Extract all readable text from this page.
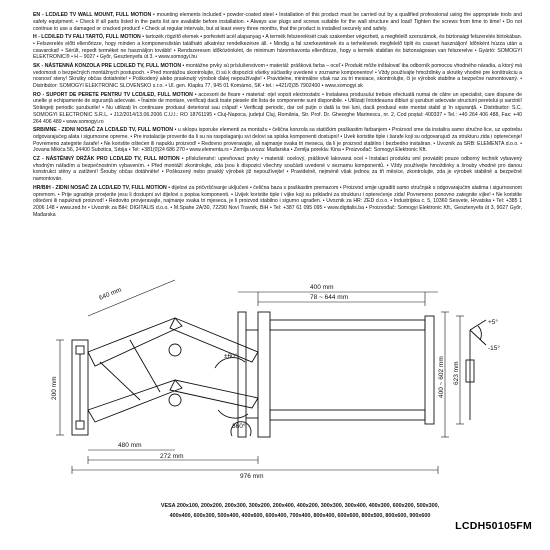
EN - LCD/LED TV WALL MOUNT, FULL MOTION • mounting elements included • powder-coated steel • Installation of this product must be carried out by a qualified professional using the appropriate tools and safety equipment. • Check if all parts listed in the parts list are available before installation. • Always use plugs and screws suitable for the wall structure and load! Tighten the screws from time to time! • Do not continue to use a damaged or cracked product! • Check at regular intervals, but at least every three months, that the product is installed securely and safely.

H - LCD/LED TV FALI TARTÓ, FULL MOTION • tartozék rögzítő elemek • porfestett acél alapanyag • A termék felszerelését csak szakember végezheti, a megfelelő szerszámok, és biztonsági felszerelés birtokában. • Felszerelés előtt ellenőrizze, hogy minden a komponenslistán található alkatrész rendelkezésre áll. • Mindig a fal szerkezetének és a terhelésnek megfelelő tiplit és csavart használjon! Időnként húzza után a csavarokat! • Sérült, repedt terméket ne használjon tovább! • Rendszeresen időközönként, de minimum háromhavonta ellenőrizze, hogy a termék stabilan és biztonságosan van felszerelve • Gyártó: SOMOGYI ELEKTRONIC® • H – 9027 • Győr, Gesztenyefa út 3. • www.somogyi.hu

SK - NÁSTENNÁ KONZOLA PRE LCD/LED TV, FULL MOTION • montážne prvky sú príslušenstvom • materiál: prášková farba – oceľ • Produkt môže inštalovať iba odborník pomocou vhodného náradia, a ktorý má vedomosti o bezpečných montážnych postupoch. • Pred montážou skontrolujte, či sú k dispozícii všetky súčiastky uvedené v zozname komponentov! • Vždy používajte hmoždinky a skrutky vhodné pre konštrukciu a nosnosť steny! Skrutky občas dotiahnite! • Poškodený alebo prasknutý výrobok ďalej nepoužívajte! • Pravidelne, minimálne však raz za tri mesiace, skontrolujte, či je výrobok stabilne a bezpečne namontovaný. • Distribútor: SOMOGYI ELEKTRONIC SLOVENSKO s.r.o. • Ul. gen. Klapku 77, 945 01 Komárno, SK • tel.: +421/0)35 7902400 • www.somogyi.sk

RO - SUPORT DE PERETE PENTRU TV LCD/LED, FULL MOTION • accesorii de fixare • material: oțel vopsit electrostatic • Instalarea produsului trebuie efectuată numai de către un specialist, care dispune de unelte și echipamente de siguranță adecvate. • Înainte de montare, verificați dacă toate piesele din lista de componente sunt disponibile. • Utilizați întotdeauna dibluri și șuruburi adecvate structurii peretelui și sarcinii! Strângeți periodic șuruburile! • Nu utilizați în continuare produsul deteriorat sau crăpat! • Verificați periodic, dar cel puțin o dată la trei luni, dacă produsul este montat stabil și în siguranță. • Distribuitor: S.C. SOMOGYI ELECTRONIC S.R.L. • J12/2014/13.06.2006 C.U.I.: RO 18761195 • Cluj-Napoca, județul Cluj, România, Str. Prof. Dr. Gheorghe Marinescu, nr. 2, Cod poștal: 400337 • Tel.: +40 264 406 488, Fax: +40 264 406 489 • www.somogyi.ro

SRB/MNE - ZIDNI NOSAČ ZA LCD/LED TV, FULL MOTION • u sklopu isporuke elementi za montažu • čelična konzola sa statičkim praškastim farbanjem • Proizvod sme da instalira samo stručno lice, uz upotrebu odgovarajućeg alata i sigurnosne opreme. • Pre instalacije proverite da li su na raspolaganju svi delovi sa spiska komponenti dostupni! • Uvek koristite tiple i šarafe koji su odgovarajući za strukturu zida i opterećenje! Povremeno zategnite šarafe! • Ne koristite oštećen ili napuklu proizvod! • Redovno proveravajte, ali najmanje svaka tri meseca, da li je proizvod stabilno i bezbedno instaliran. • Uvoznik za SRB: ELEMENTA d.o.o. • Jovana Mikića 56, 24400 Subotica, Srbija • Tel: +381(0)24 686 270 • www.elementa.rs • Zemlja uvoza: Mađarska • Zemlja porekla: Kina • Proizvođač: Somogyi Elektronic Kft.

CZ - NÁSTĚNNÝ DRŽÁK PRO LCD/LED TV, FULL MOTION • příslušenství: upevňovací prvky • materiál: ocelový, práškově lakovaná ocel • Instalaci produktu smí provádět pouze odborný technik vybavený vhodným nářadím a bezpečnostním vybavením. • Před montáží zkontrolujte, zda jsou k dispozici všechny součásti uvedené v seznamu komponentů. • Vždy používejte hmoždinky a šrouby vhodné pro danou konstrukci stěny a zatížení! Šrouby občas dotáhněte! • Poškozený nebo prasklý výrobek již nepoužívejte! • Pravidelně, nejméně však jednou za tři měsíce, zkontrolujte, zda je výrobek stabilně a bezpečně namontován.

HR/BIH - ZIDNI NOSAČ ZA LCD/LED TV, FULL MOTION • dijelovi za pričvršćivanje uključeni • čelična baza s praškastim premazom • Proizvod smije ugraditi samo stručnjak s odgovarajućim alatima i sigurnosnom opremom. • Prije ugradnje provjerite jesu li dostupni svi dijelovi s popisa komponenti. • Uvijek koristite tiple i vijke koji su prikladni za strukturu i opterećenje zida! Povremeno ponovno zategnite vijke! • Ne koristite oštećeni ili napuknuti proizvod! • Redovito provjeravajte, najmanje svaka tri mjeseca, je li proizvod stabilno i sigurno ugrađen. • Uvoznik za HR: ZED d.o.o. • Industrijska c. 5, 10360 Sesvete, Hrvatska • Tel: +385 1 2006 148 • www.zed.hr • Uvoznik za BiH: DIGITALIS d.o.o. • M.Spahe 2A/30, 72290 Novi Travnik, BiH • Tel: +387 61 095 095 • www.digitalis.ba • Proizvođač: Somogyi Elektronic Kft., Gesztenyefa út 3, 9027 Győr, Mađarska

78 ~ 644 mm
400 mm
640 mm
200 mm
976 mm
272 mm
480 mm
±60°	400 ~ 602 mm 623 mm
+5°
-15°
360°
VESA 200x100, 200x200, 200x300, 300x200, 200x400, 400x200, 300x300, 300x400, 400x300, 600x200, 500x300,
400x400, 600x300, 500x400, 400x600, 600x400, 700x400, 800x400, 600x600, 800x500, 800x600, 900x600
LCDH50105FM
